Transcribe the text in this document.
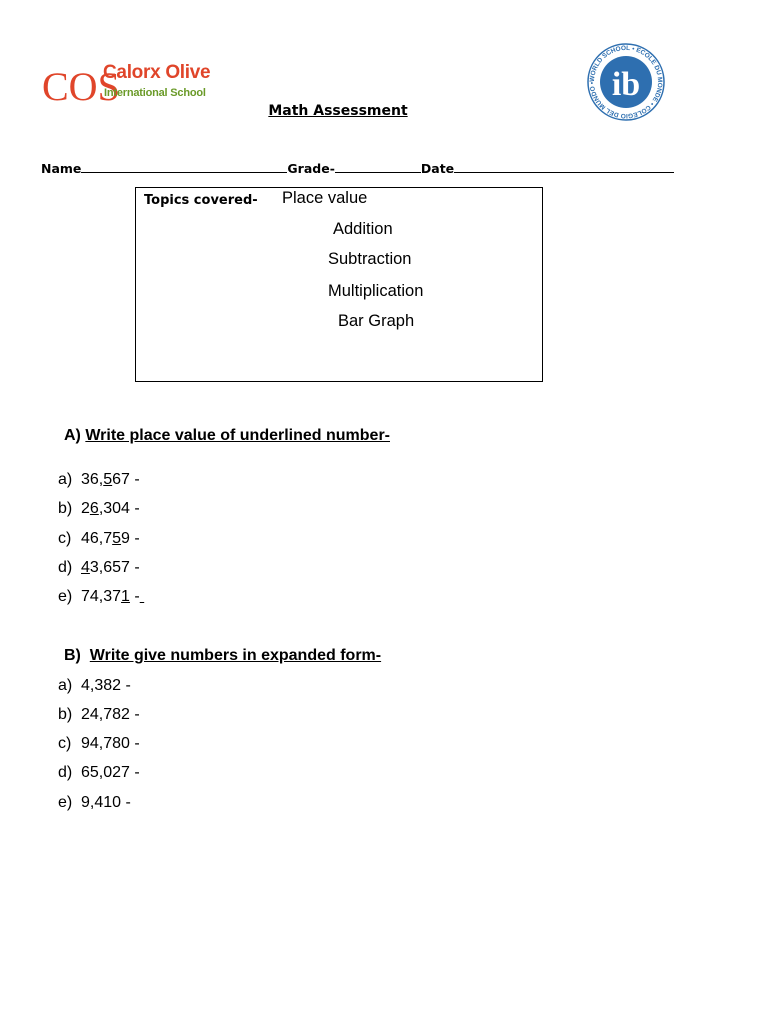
COS
Calorx Olive
International School
WORLD SCHOOL • ECOLE DU MONDE • COLEGIO DEL MUNDO • ib
Math Assessment
Name	Grade-	Date
Topics covered- Place value
Addition
Subtraction
Multiplication
Bar Graph
A) Write place value of underlined number-
a) 36,567 -
b) 26,304 -
c) 46,759 -
d) 43,657 -
e) 74,371 -
B) Write give numbers in expanded form-
a) 4,382 -
b) 24,782 -
c) 94,780 -
d) 65,027 -
e) 9,410 -
